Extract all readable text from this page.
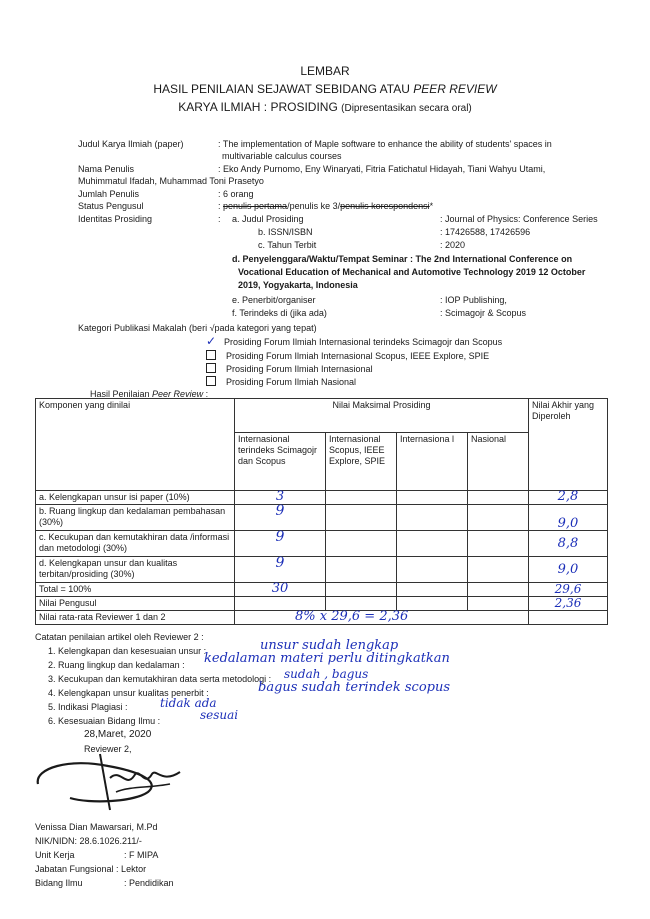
LEMBAR
HASIL PENILAIAN SEJAWAT SEBIDANG ATAU PEER REVIEW
KARYA ILMIAH : PROSIDING (Dipresentasikan secara oral)
Judul Karya Ilmiah (paper)	: The implementation of Maple software to enhance the ability of students' spaces in
multivariable calculus courses
Nama Penulis	: Eko Andy Purnomo, Eny Winaryati, Fitria Fatichatul Hidayah, Tiani Wahyu Utami,
Muhimmatul Ifadah, Muhammad Toni Prasetyo
Jumlah Penulis	: 6 orang
Status Pengusul	: penulis pertama/penulis ke 3/penulis korespondensi*
Identitas Prosiding	: a. Judul Prosiding	: Journal of Physics: Conference Series
b. ISSN/ISBN	: 17426588, 17426596
c. Tahun Terbit	: 2020
d. Penyelenggara/Waktu/Tempat Seminar : The 2nd International Conference on
Vocational Education of Mechanical and Automotive Technology 2019 12 October
2019, Yogyakarta, Indonesia
e. Penerbit/organiser	: IOP Publishing,
f. Terindeks di (jika ada)	: Scimagojr & Scopus
Kategori Publikasi Makalah (beri √pada kategori yang tepat)
✓ Prosiding Forum Ilmiah Internasional terindeks Scimagojr dan Scopus
Prosiding Forum Ilmiah Internasional Scopus, IEEE Explore, SPIE
Prosiding Forum Ilmiah Internasional
Prosiding Forum Ilmiah Nasional
Hasil Penilaian Peer Review :
Komponen yang dinilai	Nilai Maksimal Prosiding				Nilai Akhir yang Diperoleh
	Internasional terindeks Scimagojr dan Scopus	Internasional Scopus, IEEE Explore, SPIE	Internasiona l	Nasional	
a. Kelengkapan unsur isi paper (10%)	3				2,8
b. Ruang lingkup dan kedalaman pembahasan (30%)	9				9,0
c. Kecukupan dan kemutakhiran data /informasi dan metodologi (30%)	9				8,8
d. Kelengkapan unsur dan kualitas terbitan/prosiding (30%)	9				9,0
Total = 100%	30				29,6
Nilai Pengusul					2,36
Nilai rata-rata Reviewer 1 dan 2	8% x 29,6 = 2,36				
Catatan penilaian artikel oleh Reviewer 2 :
1. Kelengkapan dan kesesuaian unsur :	unsur sudah lengkap
2. Ruang lingkup dan kedalaman : kedalaman materi perlu ditingkatkan
3. Kecukupan dan kemutakhiran data serta metodologi : sudah , bagus
4. Kelengkapan unsur kualitas penerbit :	bagus sudah terindek scopus
5. Indikasi Plagiasi :	tidak ada
6. Kesesuaian Bidang Ilmu :	sesuai
28,Maret, 2020
Reviewer 2,
Venissa Dian Mawarsari, M.Pd
NIK/NIDN: 28.6.1026.211/-
Unit Kerja	: F MIPA
Jabatan Fungsional : Lektor
Bidang Ilmu	: Pendidikan
